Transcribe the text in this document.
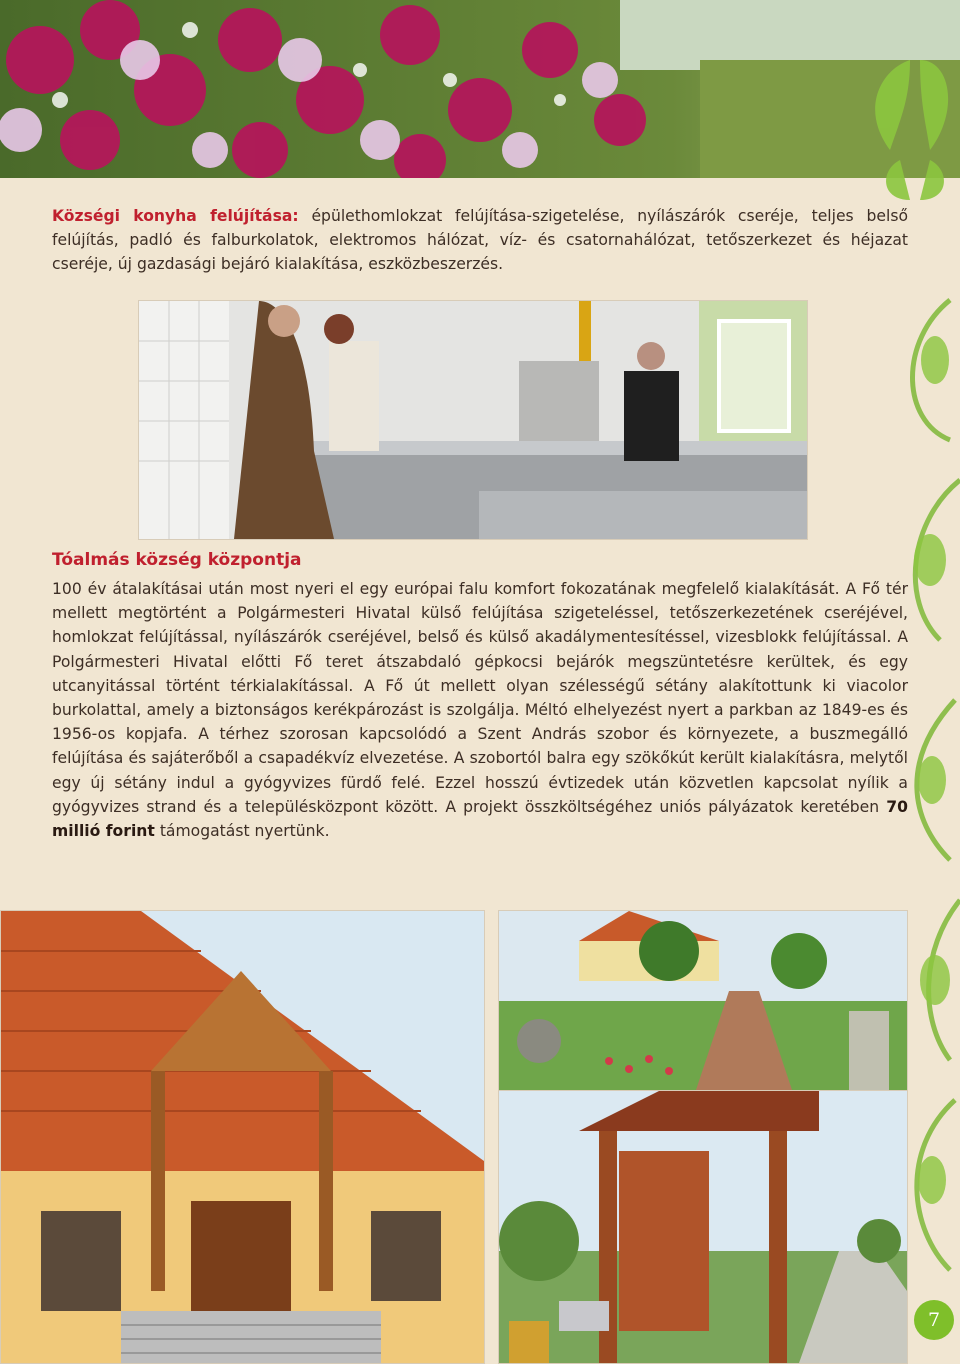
Községi konyha felújítása: épülethomlokzat felújítása-szigetelése, nyílászárók cseréje, teljes belső felújítás, padló és falburkolatok, elektromos hálózat, víz- és csatornahálózat, tetőszerkezet és héjazat cseréje, új gazdasági bejáró kialakítása, eszközbeszerzés.

Tóalmás község központja

100 év átalakításai után most nyeri el egy európai falu komfort fokozatának megfelelő kialakítását. A Fő tér mellett megtörtént a Polgármesteri Hivatal külső felújítása szigeteléssel, tetőszerkezetének cseréjével, homlokzat felújítással, nyílászárók cseréjével, belső és külső akadálymentesítéssel, vizesblokk felújítással. A Polgármesteri Hivatal előtti Fő teret átszabdaló gépkocsi bejárók megszüntetésre kerültek, és egy utcanyitással történt térkialakítással. A Fő út mellett olyan szélességű sétány alakítottunk ki viacolor burkolattal, amely a biztonságos kerékpározást is szolgálja. Méltó elhelyezést nyert a parkban az 1849-es és 1956-os kopjafa. A térhez szorosan kapcsolódó a Szent András szobor és környezete, a buszmegálló felújítása és sajáterőből a csapadékvíz elvezetése. A szobortól balra egy szökőkút került kialakításra, melytől egy új sétány indul a gyógyvizes fürdő felé. Ezzel hosszú évtizedek után közvetlen kapcsolat nyílik a gyógyvizes strand és a településközpont között. A projekt összköltségéhez uniós pályázatok keretében 70 millió forint támogatást nyertünk.

7
